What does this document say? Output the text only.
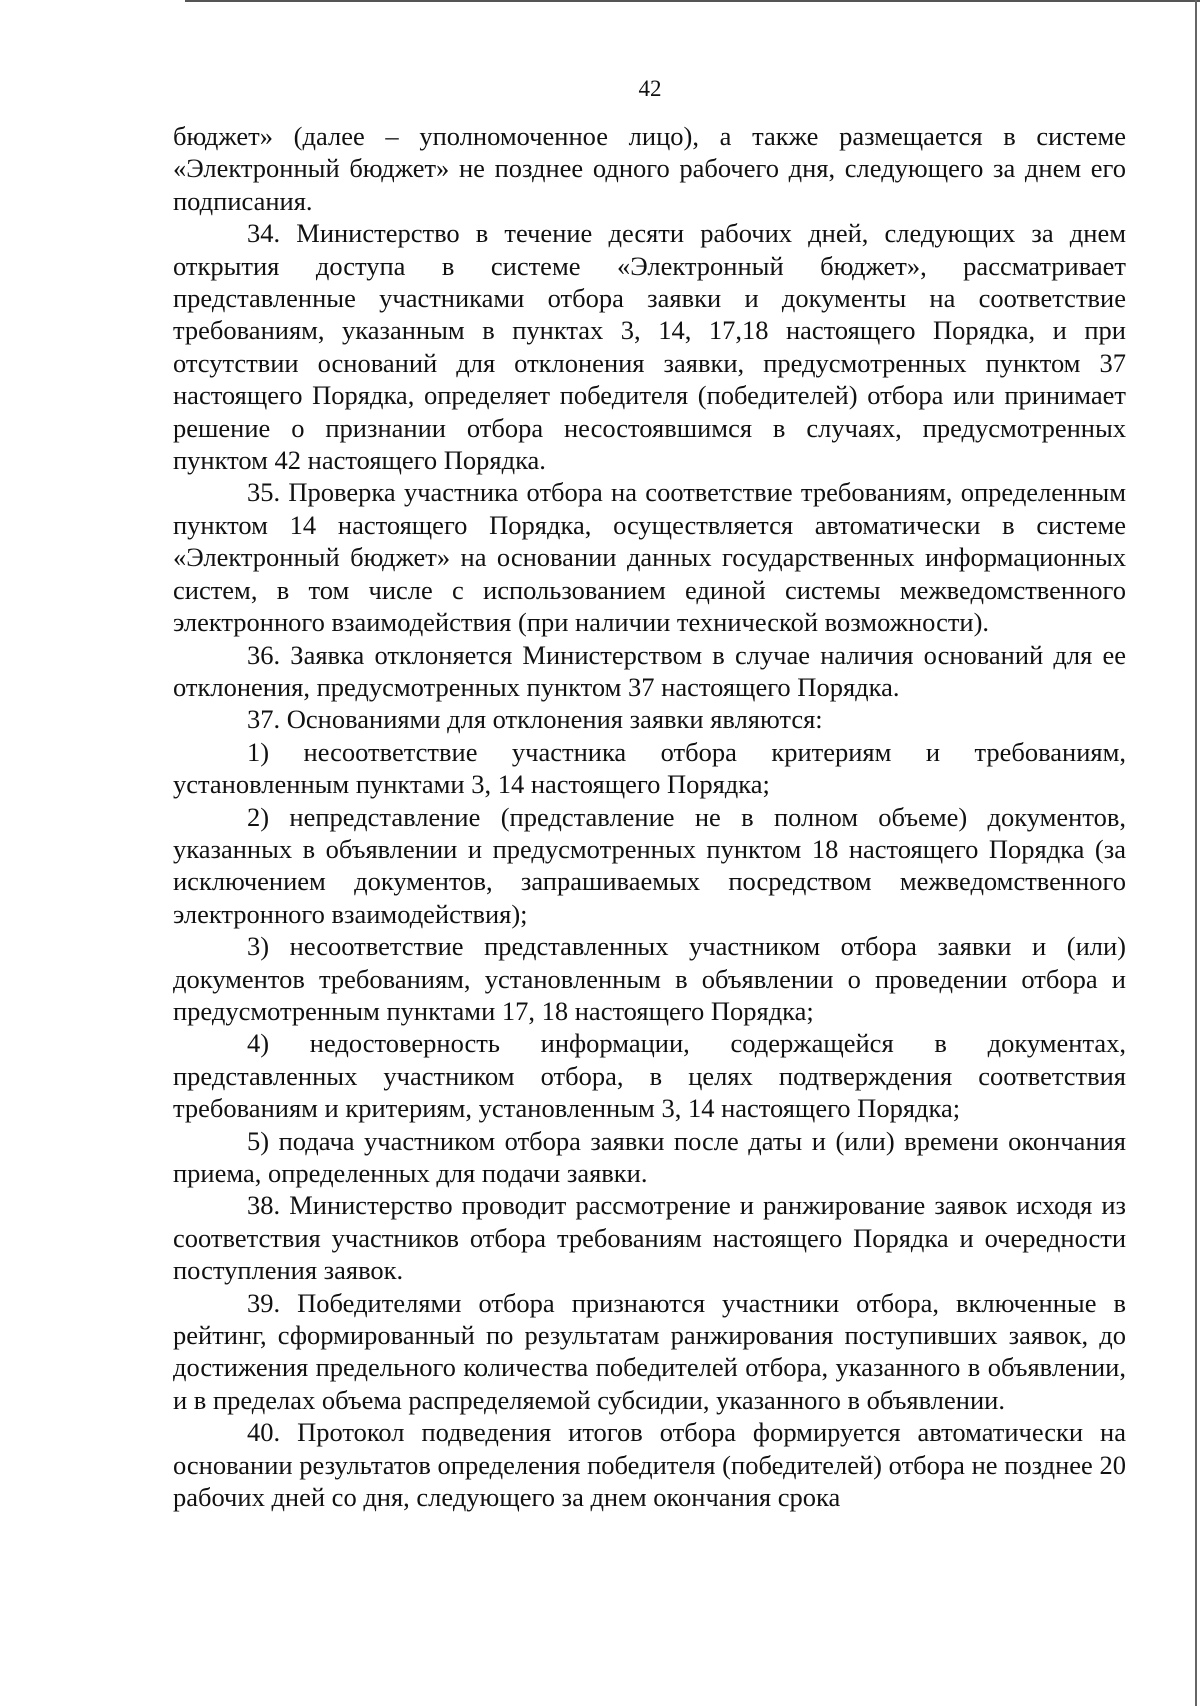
42

бюджет» (далее – уполномоченное лицо), а также размещается в системе «Электронный бюджет» не позднее одного рабочего дня, следующего за днем его подписания.

34. Министерство в течение десяти рабочих дней, следующих за днем открытия доступа в системе «Электронный бюджет», рассматривает представленные участниками отбора заявки и документы на соответствие требованиям, указанным в пунктах 3, 14, 17,18 настоящего Порядка, и при отсутствии оснований для отклонения заявки, предусмотренных пунктом 37 настоящего Порядка, определяет победителя (победителей) отбора или принимает решение о признании отбора несостоявшимся в случаях, предусмотренных пунктом 42 настоящего Порядка.

35. Проверка участника отбора на соответствие требованиям, определенным пунктом 14 настоящего Порядка, осуществляется автоматически в системе «Электронный бюджет» на основании данных государственных информационных систем, в том числе с использованием единой системы межведомственного электронного взаимодействия (при наличии технической возможности).

36. Заявка отклоняется Министерством в случае наличия оснований для ее отклонения, предусмотренных пунктом 37 настоящего Порядка.

37. Основаниями для отклонения заявки являются:

1) несоответствие участника отбора критериям и требованиям, установленным пунктами 3, 14 настоящего Порядка;

2) непредставление (представление не в полном объеме) документов, указанных в объявлении и предусмотренных пунктом 18 настоящего Порядка (за исключением документов, запрашиваемых посредством межведомственного электронного взаимодействия);

3) несоответствие представленных участником отбора заявки и (или) документов требованиям, установленным в объявлении о проведении отбора и предусмотренным пунктами 17, 18 настоящего Порядка;

4) недостоверность информации, содержащейся в документах, представленных участником отбора, в целях подтверждения соответствия требованиям и критериям, установленным 3, 14 настоящего Порядка;

5) подача участником отбора заявки после даты и (или) времени окончания приема, определенных для подачи заявки.

38. Министерство проводит рассмотрение и ранжирование заявок исходя из соответствия участников отбора требованиям настоящего Порядка и очередности поступления заявок.

39. Победителями отбора признаются участники отбора, включенные в рейтинг, сформированный по результатам ранжирования поступивших заявок, до достижения предельного количества победителей отбора, указанного в объявлении, и в пределах объема распределяемой субсидии, указанного в объявлении.

40. Протокол подведения итогов отбора формируется автоматически на основании результатов определения победителя (победителей) отбора не позднее 20 рабочих дней со дня, следующего за днем окончания срока
